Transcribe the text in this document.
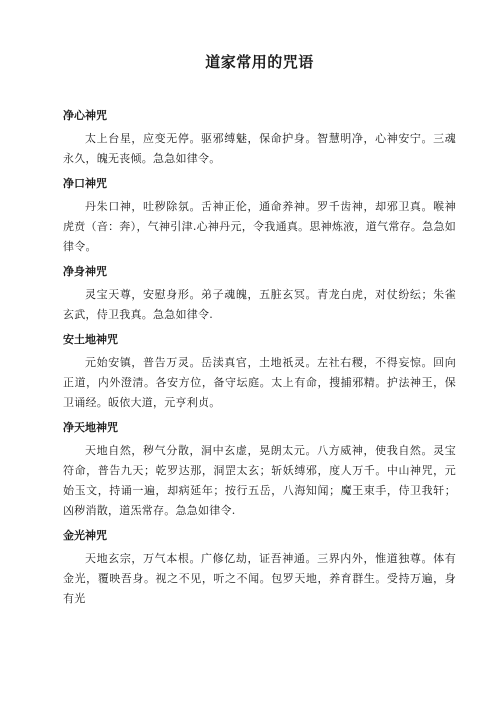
道家常用的咒语
净心神咒

太上台星，应变无停。驱邪缚魅，保命护身。智慧明净，心神安宁。三魂永久，魄无丧倾。急急如律令。

净口神咒

丹朱口神，吐秽除氛。舌神正伦，通命养神。罗千齿神，却邪卫真。喉神虎贲（音：奔），气神引津.心神丹元，令我通真。思神炼液，道气常存。急急如律令。

净身神咒

灵宝天尊，安慰身形。弟子魂魄，五脏玄冥。青龙白虎，对仗纷纭；朱雀玄武，侍卫我真。急急如律令.

安土地神咒

元始安镇，普告万灵。岳渎真官，土地祇灵。左社右稷，不得妄惊。回向正道，内外澄清。各安方位，备守坛庭。太上有命，搜捕邪精。护法神王，保卫诵经。皈依大道，元亨利贞。

净天地神咒

天地自然，秽气分散，洞中玄虚，晃朗太元。八方威神，使我自然。灵宝符命，普告九天；乾罗达那，洞罡太玄；斩妖缚邪，度人万千。中山神咒，元始玉文，持诵一遍，却病延年；按行五岳，八海知闻；魔王束手，侍卫我轩；凶秽消散，道炁常存。急急如律令.

金光神咒

天地玄宗，万气本根。广修亿劫，证吾神通。三界内外，惟道独尊。体有金光，覆映吾身。视之不见，听之不闻。包罗天地，养育群生。受持万遍，身有光
